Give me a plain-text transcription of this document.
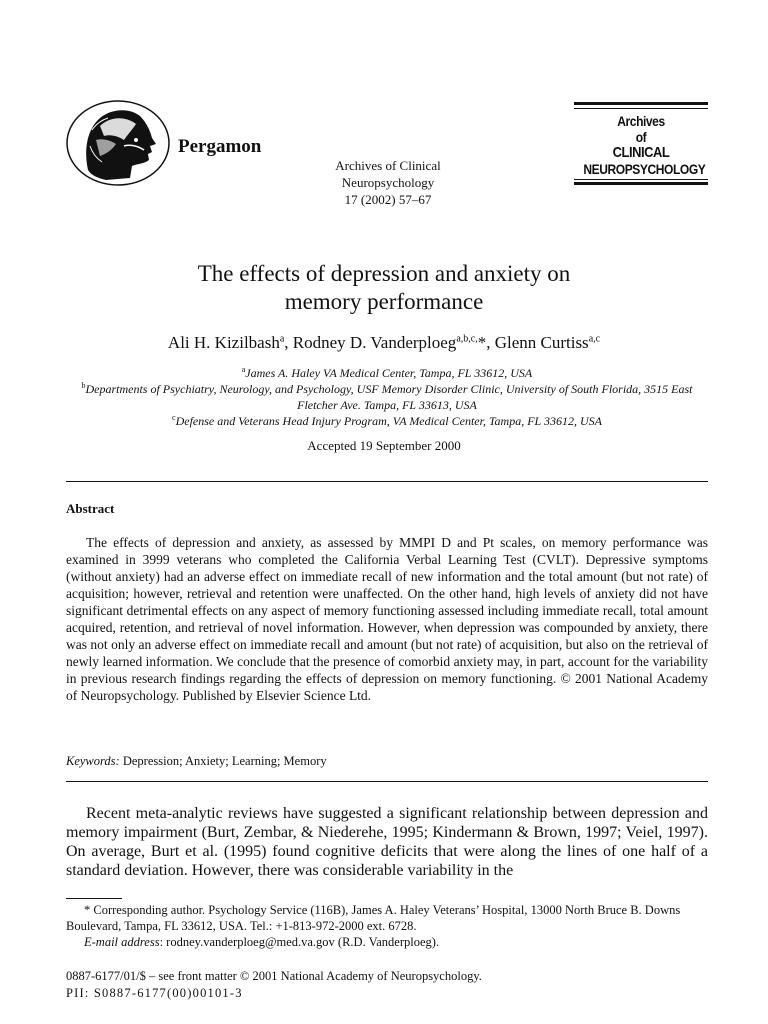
Pergamon
Archives of Clinical Neuropsychology
17 (2002) 57–67
Archives
of
CLINICAL
NEUROPSYCHOLOGY
The effects of depression and anxiety on
memory performance
Ali H. Kizilbash$^a$, Rodney D. Vanderploeg$^{a,b,c,}$*, Glenn Curtiss$^{a,c}$
$^a$James A. Haley VA Medical Center, Tampa, FL 33612, USA
$^b$Departments of Psychiatry, Neurology, and Psychology, USF Memory Disorder Clinic, University of South Florida, 3515 East Fletcher Ave. Tampa, FL 33613, USA
$^c$Defense and Veterans Head Injury Program, VA Medical Center, Tampa, FL 33612, USA
Accepted 19 September 2000
Abstract
The effects of depression and anxiety, as assessed by MMPI D and Pt scales, on memory performance was examined in 3999 veterans who completed the California Verbal Learning Test (CVLT). Depressive symptoms (without anxiety) had an adverse effect on immediate recall of new information and the total amount (but not rate) of acquisition; however, retrieval and retention were unaffected. On the other hand, high levels of anxiety did not have significant detrimental effects on any aspect of memory functioning assessed including immediate recall, total amount acquired, retention, and retrieval of novel information. However, when depression was compounded by anxiety, there was not only an adverse effect on immediate recall and amount (but not rate) of acquisition, but also on the retrieval of newly learned information. We conclude that the presence of comorbid anxiety may, in part, account for the variability in previous research findings regarding the effects of depression on memory functioning. © 2001 National Academy of Neuropsychology. Published by Elsevier Science Ltd.
Keywords: Depression; Anxiety; Learning; Memory
Recent meta-analytic reviews have suggested a significant relationship between depression and memory impairment (Burt, Zembar, & Niederehe, 1995; Kindermann & Brown, 1997; Veiel, 1997). On average, Burt et al. (1995) found cognitive deficits that were along the lines of one half of a standard deviation. However, there was considerable variability in the
* Corresponding author. Psychology Service (116B), James A. Haley Veterans’ Hospital, 13000 North Bruce B. Downs Boulevard, Tampa, FL 33612, USA. Tel.: +1-813-972-2000 ext. 6728.
E-mail address: rodney.vanderploeg@med.va.gov (R.D. Vanderploeg).
0887-6177/01/$ – see front matter © 2001 National Academy of Neuropsychology.
PII: S0887-6177(00)00101-3
